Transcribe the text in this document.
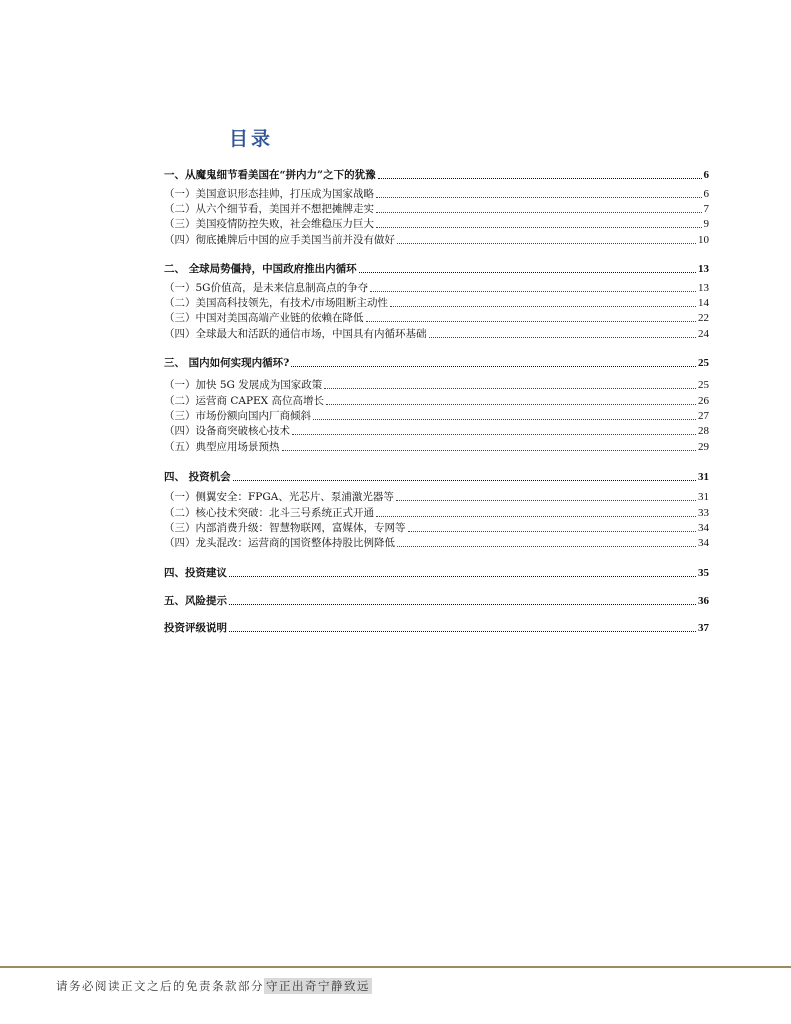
目录
一、从魔鬼细节看美国在“拼内力”之下的犹豫	6
（一）美国意识形态挂帅，打压成为国家战略	6
（二）从六个细节看，美国并不想把摊牌走实	7
（三）美国疫情防控失败，社会维稳压力巨大	9
（四）彻底摊牌后中国的应手美国当前并没有做好	10
二、 全球局势僵持，中国政府推出内循环	13
（一）5G价值高，是未来信息制高点的争夺	13
（二）美国高科技领先，有技术/市场阻断主动性	14
（三）中国对美国高端产业链的依赖在降低	22
（四）全球最大和活跃的通信市场，中国具有内循环基础	24
三、 国内如何实现内循环?	25
（一）加快 5G 发展成为国家政策	25
（二）运营商 CAPEX 高位高增长	26
（三）市场份额向国内厂商倾斜	27
（四）设备商突破核心技术	28
（五）典型应用场景预热	29
四、 投资机会	31
（一）侧翼安全：FPGA、光芯片、泵浦激光器等	31
（二）核心技术突破：北斗三号系统正式开通	33
（三）内部消费升级：智慧物联网，富媒体，专网等	34
（四）龙头混改：运营商的国资整体持股比例降低	34
四、投资建议	35
五、风险提示	36
投资评级说明	37
请务必阅读正文之后的免责条款部分 守正出奇宁静致远
